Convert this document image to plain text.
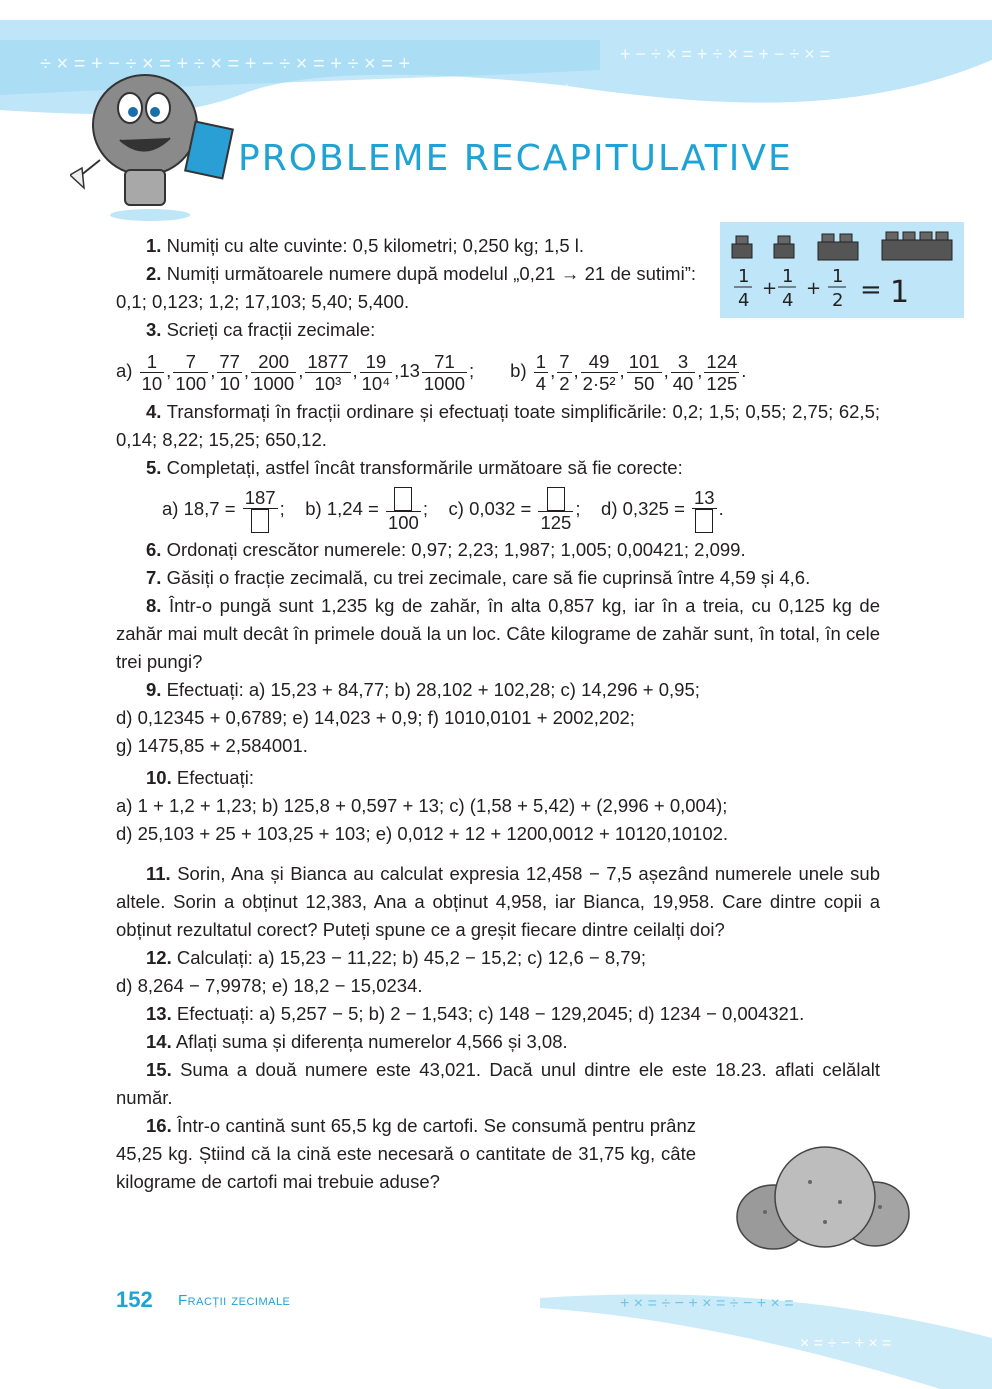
÷ × = + − ÷ × = + ÷ × = + − ÷ × = + ÷ × = +
× = + − ÷ × = + ÷ × = + − ÷ × = + ÷
+ − ÷ × = + ÷ × = + − ÷ × =
PROBLEME RECAPITULATIVE
1
4
+
1
4
+
1
2 = 1

1. Numiți cu alte cuvinte: 0,5 kilometri; 0,250 kg; 1,5 l.

2. Numiți următoarele numere după modelul „0,21 → 21 de sutimi”: 0,1; 0,123; 1,2; 17,103; 5,40; 5,400.

3. Scrieți ca fracții zecimale:

$a) \frac{1}{10}$ , $\frac{7}{100}$ , $\frac{77}{10}$ , $\frac{200}{1000}$ , $\frac{1877}{\text{10³}}$ , $\frac{19}{\text{10⁴}} ,13 \frac{71}{1000}$ ; $b) \frac{1}{4}$ , $\frac{7}{2}$ , $\frac{49}{\text{2·5²}}$ , $\frac{101}{50}$ , $\frac{3}{40}$ , $\frac{124}{125}$ .

4. Transformați în fracții ordinare și efectuați toate simplificările: 0,2; 1,5; 0,55; 2,75; 62,5; 0,14; 8,22; 15,25; 650,12.

5. Completați, astfel încât transformările următoare să fie corecte:

a) 18,7 =
187
;    b) 1,24 =
100
;    c) 0,032 =
125
;    d) 0,325 =
13
.

6. Ordonați crescător numerele: 0,97; 2,23; 1,987; 1,005; 0,00421; 2,099.

7. Găsiți o fracție zecimală, cu trei zecimale, care să fie cuprinsă între 4,59 și 4,6.

8. Într-o pungă sunt 1,235 kg de zahăr, în alta 0,857 kg, iar în a treia, cu 0,125 kg de zahăr mai mult decât în primele două la un loc. Câte kilograme de zahăr sunt, în total, în cele trei pungi?

9. Efectuați: a) 15,23 + 84,77; b) 28,102 + 102,28; c) 14,296 + 0,95;

d) 0,12345 + 0,6789; e) 14,023 + 0,9; f) 1010,0101 + 2002,202;

g) 1475,85 + 2,584001.

10. Efectuați:

a) 1 + 1,2 + 1,23; b) 125,8 + 0,597 + 13; c) (1,58 + 5,42) + (2,996 + 0,004);

d) 25,103 + 25 + 103,25 + 103; e) 0,012 + 12 + 1200,0012 + 10120,10102.

11. Sorin, Ana și Bianca au calculat expresia 12,458 − 7,5 așezând numerele unele sub altele. Sorin a obținut 12,383, Ana a obținut 4,958, iar Bianca, 19,958. Care dintre copii a obținut rezultatul corect? Puteți spune ce a greșit fiecare dintre ceilalți doi?

12. Calculați: a) 15,23 − 11,22; b) 45,2 − 15,2; c) 12,6 − 8,79;

d) 8,264 − 7,9978; e) 18,2 − 15,0234.

13. Efectuați: a) 5,257 − 5; b) 2 − 1,543; c) 148 − 129,2045; d) 1234 − 0,004321.

14. Aflați suma și diferența numerelor 4,566 și 3,08.

15. Suma a două numere este 43,021. Dacă unul dintre ele este 18.23. aflati celălalt număr.

16. Într-o cantină sunt 65,5 kg de cartofi. Se consumă pentru prânz 45,25 kg. Știind că la cină este necesară o cantitate de 31,75 kg, câte kilograme de cartofi mai trebuie aduse?

152 Fracții zecimale	+ × = ÷ − + × = ÷ − + × =
× = ÷ − + × =
